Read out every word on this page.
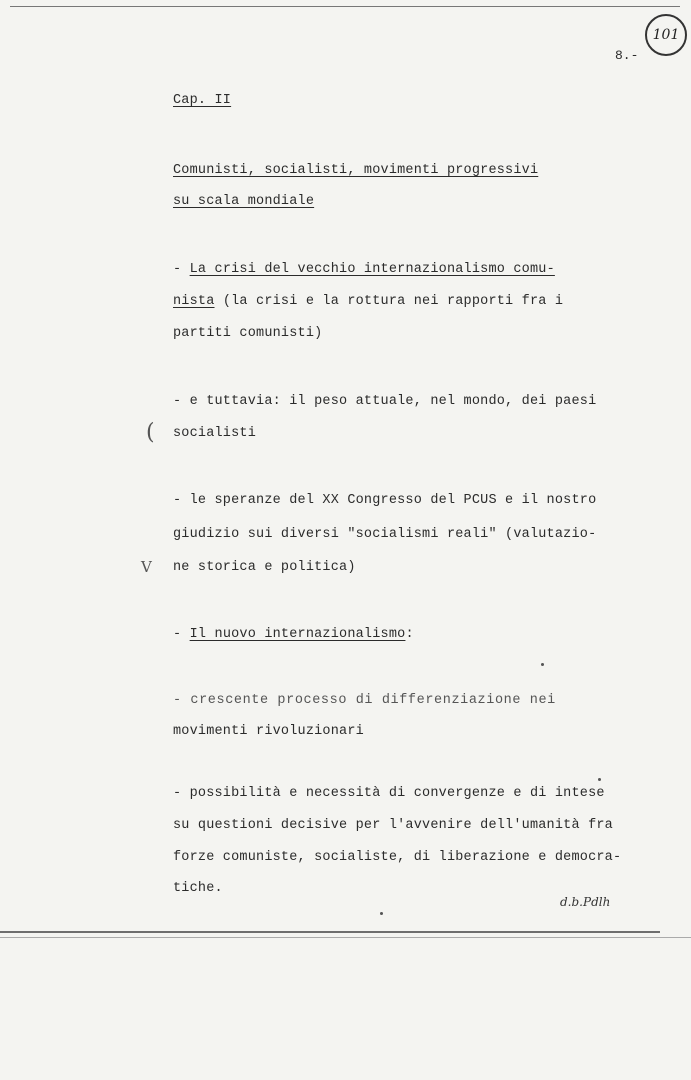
101
8.-
Cap. II
Comunisti, socialisti, movimenti progressivi
su scala mondiale
- La crisi del vecchio internazionalismo comu-
nista (la crisi e la rottura nei rapporti fra i
partiti comunisti)
- e tuttavia: il peso attuale, nel mondo, dei paesi
socialisti
- le speranze del XX Congresso del PCUS e il nostro
giudizio sui diversi "socialismi reali" (valutazio-
ne storica e politica)
- Il nuovo internazionalismo:
- crescente processo di differenziazione nei
movimenti rivoluzionari
- possibilità e necessità di convergenze e di intese
su questioni decisive per l'avvenire dell'umanità fra
forze comuniste, socialiste, di liberazione e democra-
tiche.
(
V
d.b.Pdlh
